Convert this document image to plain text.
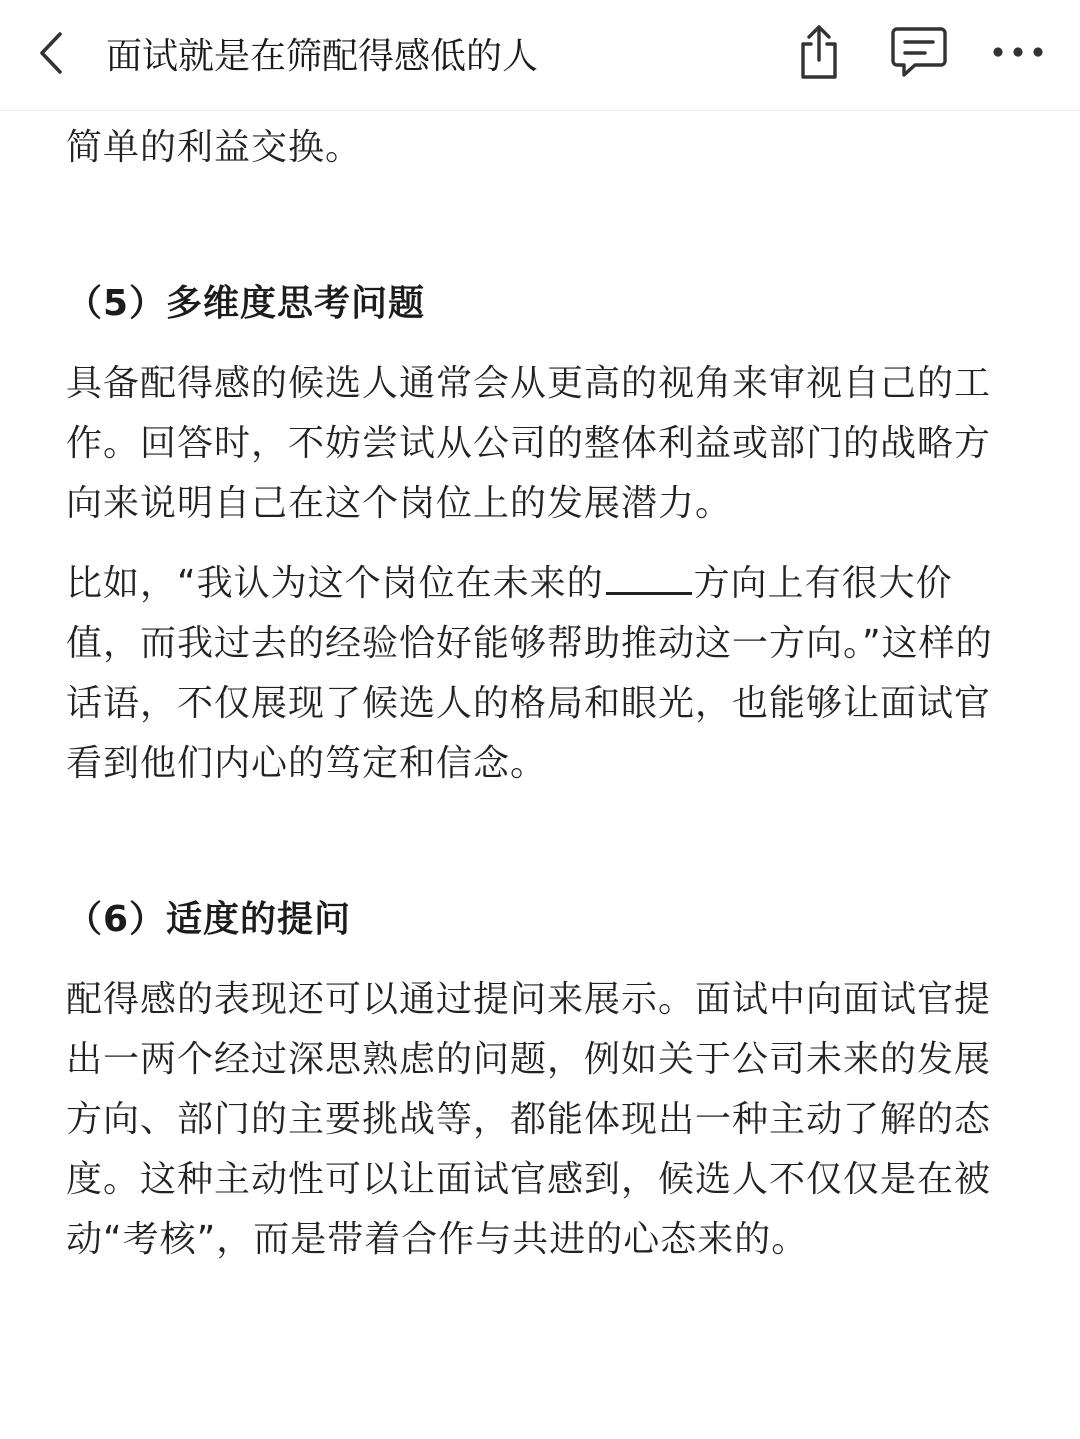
面试就是在筛配得感低的人

简单的利益交换。

（5）多维度思考问题

具备配得感的候选人通常会从更高的视角来审视自己的工作。回答时，不妨尝试从公司的整体利益或部门的战略方向来说明自己在这个岗位上的发展潜力。

比如，“我认为这个岗位在未来的	方向上有很大价值，而我过去的经验恰好能够帮助推动这一方向。”这样的话语，不仅展现了候选人的格局和眼光，也能够让面试官看到他们内心的笃定和信念。

（6）适度的提问

配得感的表现还可以通过提问来展示。面试中向面试官提出一两个经过深思熟虑的问题，例如关于公司未来的发展方向、部门的主要挑战等，都能体现出一种主动了解的态度。这种主动性可以让面试官感到，候选人不仅仅是在被动“考核”，而是带着合作与共进的心态来的。
